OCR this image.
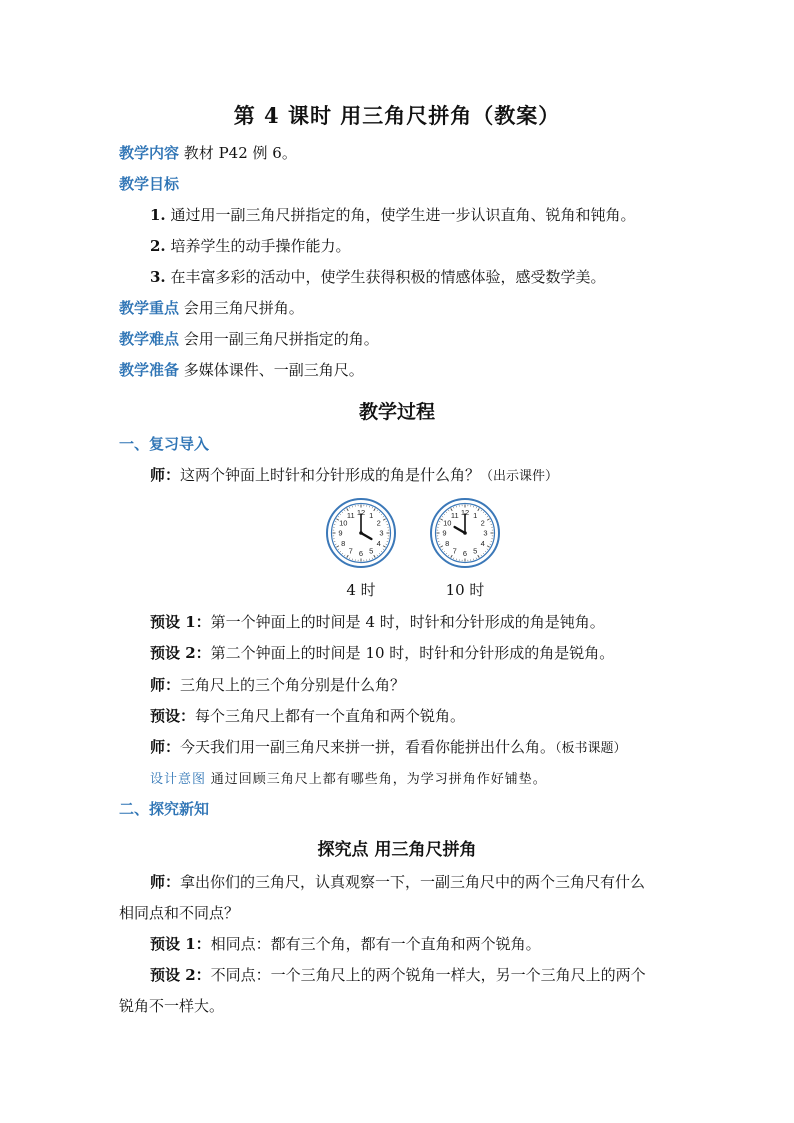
第 4 课时 用三角尺拼角（教案）
教学内容 教材 P42 例 6。
教学目标
1. 通过用一副三角尺拼指定的角，使学生进一步认识直角、锐角和钝角。
2. 培养学生的动手操作能力。
3. 在丰富多彩的活动中，使学生获得积极的情感体验，感受数学美。
教学重点 会用三角尺拼角。
教学难点 会用一副三角尺拼指定的角。
教学准备 多媒体课件、一副三角尺。
教学过程
一、复习导入
师：这两个钟面上时针和分针形成的角是什么角？（出示课件）
12 1
2
3
4
5
6
7
8
9
10
11	12 1
2
3
4
5
6
7
8
9
10
11
4 时	10 时
预设 1：第一个钟面上的时间是 4 时，时针和分针形成的角是钝角。
预设 2：第二个钟面上的时间是 10 时，时针和分针形成的角是锐角。
师：三角尺上的三个角分别是什么角？
预设：每个三角尺上都有一个直角和两个锐角。
师：今天我们用一副三角尺来拼一拼，看看你能拼出什么角。（板书课题）
设计意图 通过回顾三角尺上都有哪些角，为学习拼角作好铺垫。
二、探究新知
探究点 用三角尺拼角
师：拿出你们的三角尺，认真观察一下，一副三角尺中的两个三角尺有什么
相同点和不同点？
预设 1：相同点：都有三个角，都有一个直角和两个锐角。
预设 2：不同点：一个三角尺上的两个锐角一样大，另一个三角尺上的两个
锐角不一样大。
